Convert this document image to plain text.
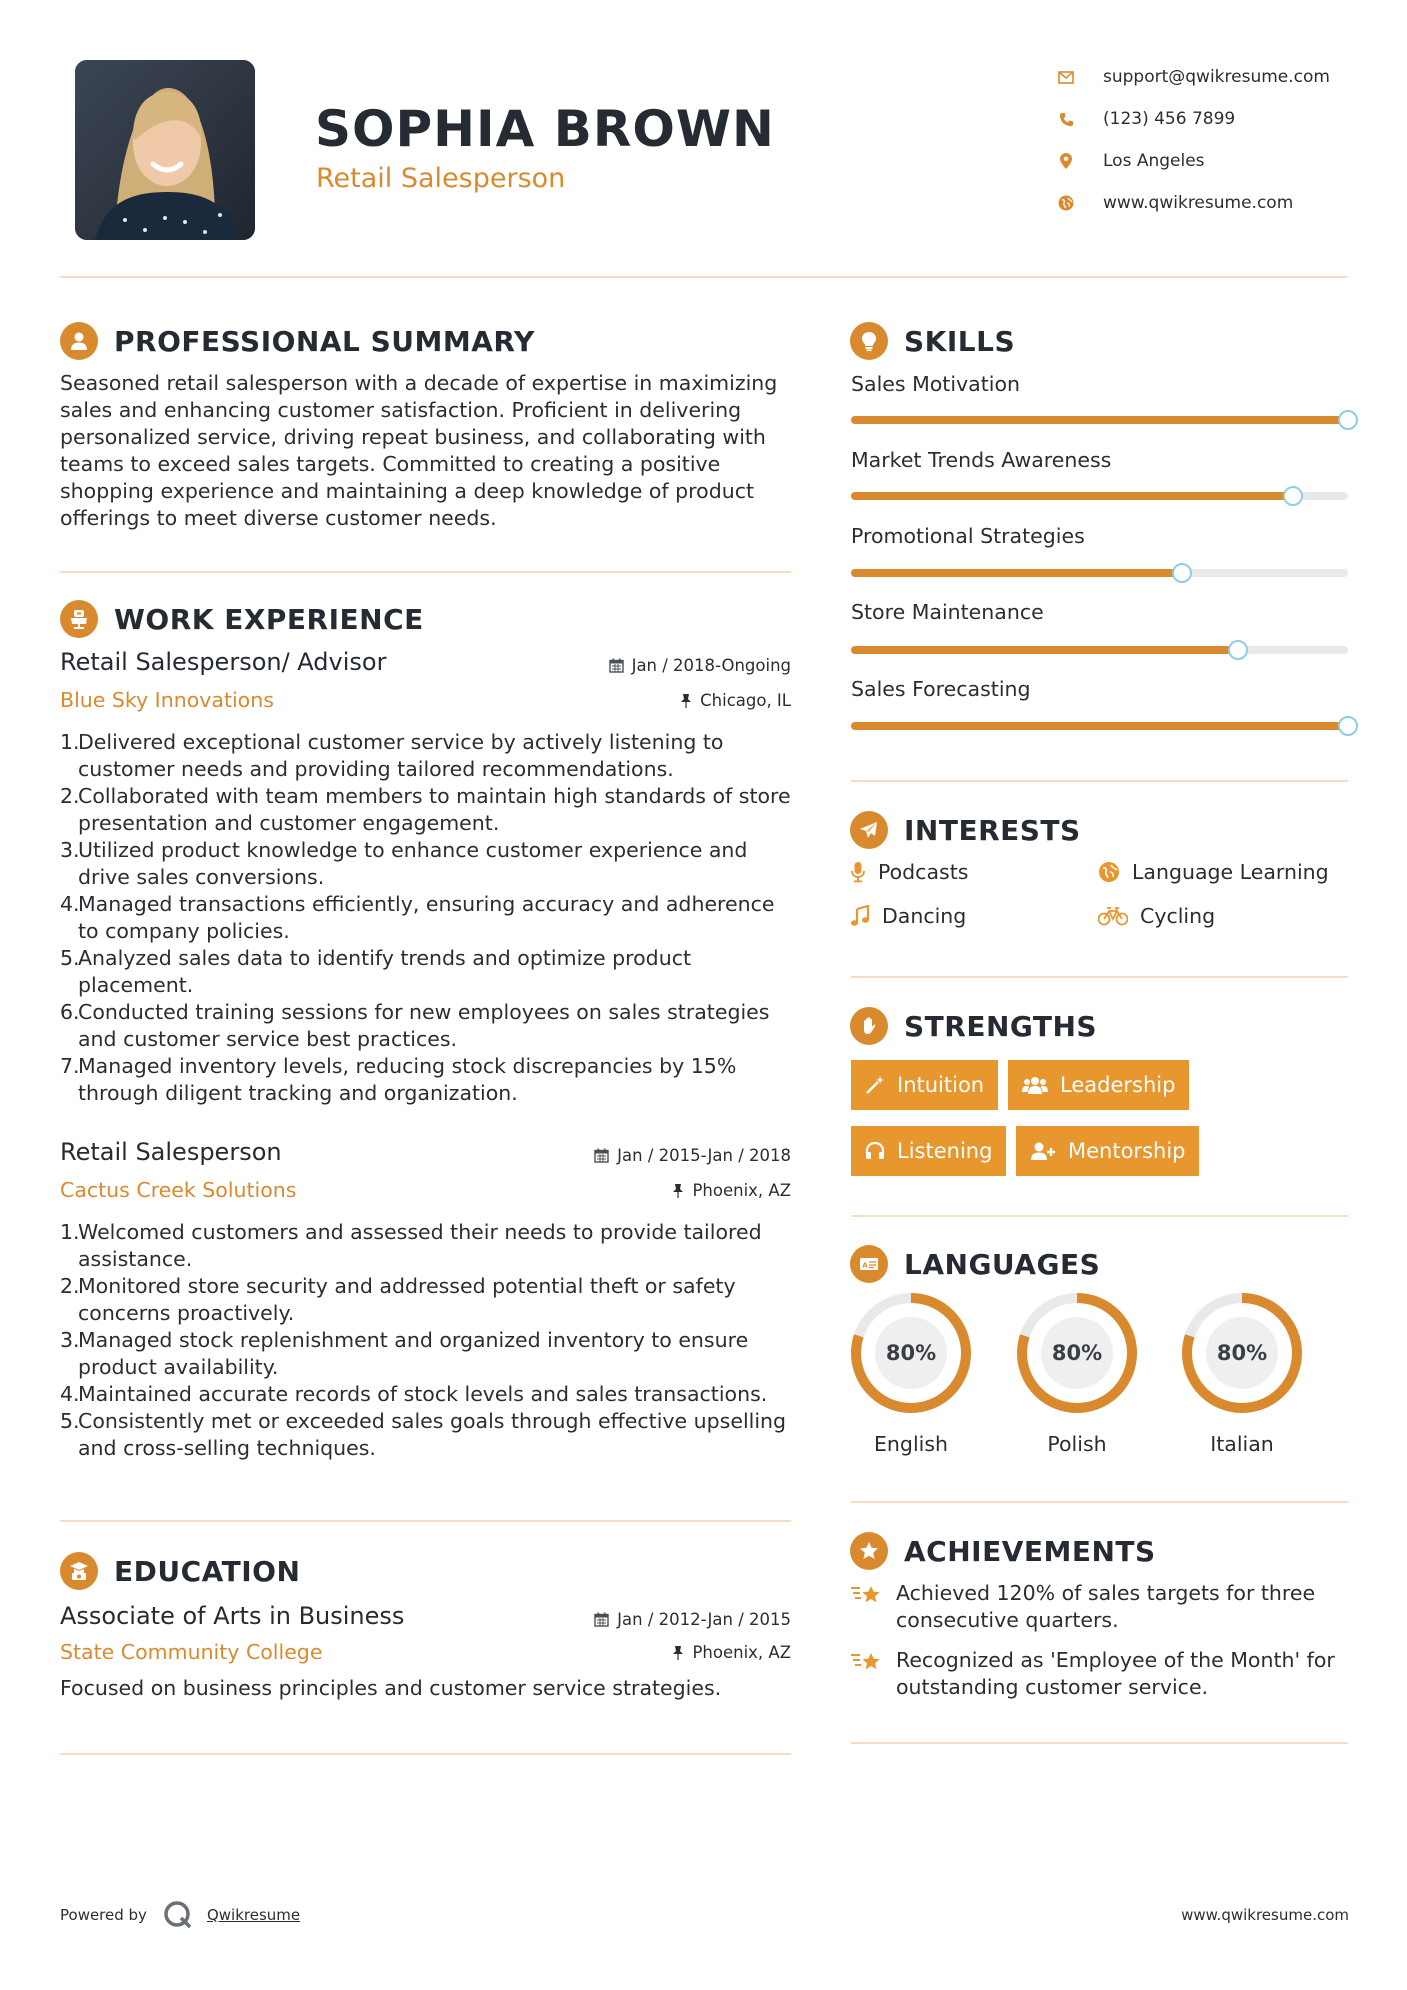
SOPHIA BROWN
Retail Salesperson
support@qwikresume.com
(123) 456 7899
Los Angeles
www.qwikresume.com
PROFESSIONAL SUMMARY
Seasoned retail salesperson with a decade of expertise in maximizing sales and enhancing customer satisfaction. Proficient in delivering personalized service, driving repeat business, and collaborating with teams to exceed sales targets. Committed to creating a positive shopping experience and maintaining a deep knowledge of product offerings to meet diverse customer needs.
WORK EXPERIENCE
Retail Salesperson/ Advisor	Jan / 2018-Ongoing
Blue Sky Innovations	Chicago, IL
1.
Delivered exceptional customer service by actively listening to customer needs and providing tailored recommendations.
2.
Collaborated with team members to maintain high standards of store presentation and customer engagement.
3.
Utilized product knowledge to enhance customer experience and drive sales conversions.
4.
Managed transactions efficiently, ensuring accuracy and adherence to company policies.
5.
Analyzed sales data to identify trends and optimize product placement.
6.
Conducted training sessions for new employees on sales strategies and customer service best practices.
7.
Managed inventory levels, reducing stock discrepancies by 15% through diligent tracking and organization.
Retail Salesperson	Jan / 2015-Jan / 2018
Cactus Creek Solutions	Phoenix, AZ
1.
Welcomed customers and assessed their needs to provide tailored assistance.
2.
Monitored store security and addressed potential theft or safety concerns proactively.
3.
Managed stock replenishment and organized inventory to ensure product availability.
4.
Maintained accurate records of stock levels and sales transactions.
5.
Consistently met or exceeded sales goals through effective upselling and cross-selling techniques.
EDUCATION
Associate of Arts in Business	Jan / 2012-Jan / 2015
State Community College	Phoenix, AZ
Focused on business principles and customer service strategies.
SKILLS
Sales Motivation
Market Trends Awareness
Promotional Strategies
Store Maintenance
Sales Forecasting
INTERESTS
Podcasts	Language Learning
Dancing	Cycling
STRENGTHS
Intuition	Leadership
Listening	Mentorship
A LANGUAGES
80%
English
80%
Polish
80%
Italian
ACHIEVEMENTS
Achieved 120% of sales targets for three consecutive quarters.
Recognized as 'Employee of the Month' for outstanding customer service.
Powered by	Qwikresume	www.qwikresume.com
